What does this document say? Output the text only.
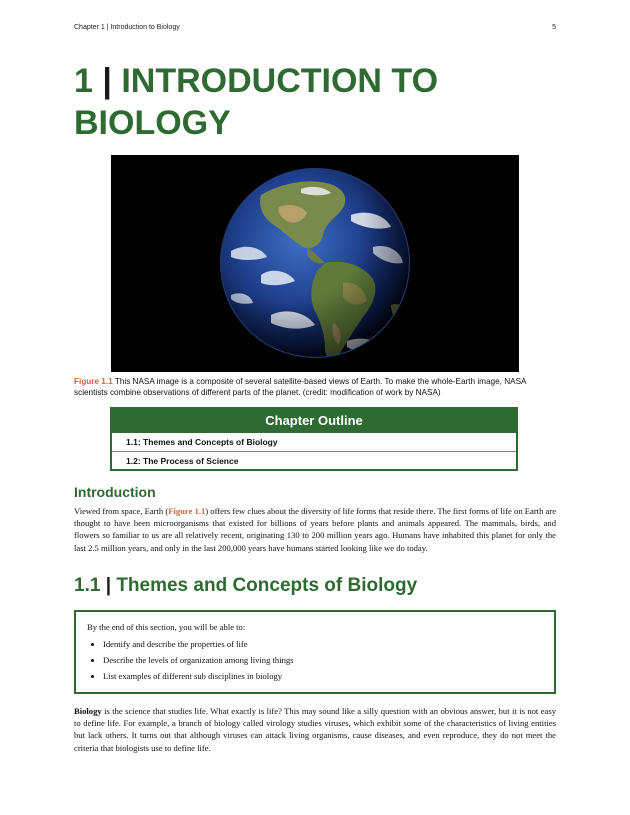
Chapter 1 | Introduction to Biology	5
1 | INTRODUCTION TO BIOLOGY
Figure 1.1 This NASA image is a composite of several satellite-based views of Earth. To make the whole-Earth image, NASA scientists combine observations of different parts of the planet. (credit: modification of work by NASA)
Chapter Outline
1.1: Themes and Concepts of Biology
1.2: The Process of Science
Introduction

Viewed from space, Earth (Figure 1.1) offers few clues about the diversity of life forms that reside there. The first forms of life on Earth are thought to have been microorganisms that existed for billions of years before plants and animals appeared. The mammals, birds, and flowers so familiar to us are all relatively recent, originating 130 to 200 million years ago. Humans have inhabited this planet for only the last 2.5 million years, and only in the last 200,000 years have humans started looking like we do today.

1.1 | Themes and Concepts of Biology
By the end of this section, you will be able to:
• Identify and describe the properties of life
• Describe the levels of organization among living things
• List examples of different sub disciplines in biology

Biology is the science that studies life. What exactly is life? This may sound like a silly question with an obvious answer, but it is not easy to define life. For example, a branch of biology called virology studies viruses, which exhibit some of the characteristics of living entities but lack others. It turns out that although viruses can attack living organisms, cause diseases, and even reproduce, they do not meet the criteria that biologists use to define life.
